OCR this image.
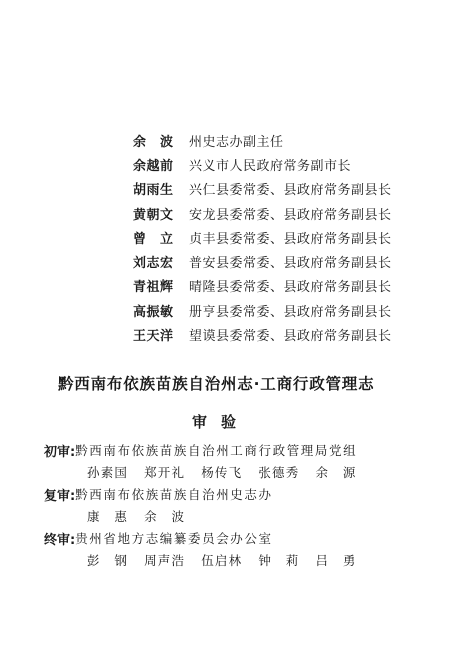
余　波	州史志办副主任
余越前	兴义市人民政府常务副市长
胡雨生	兴仁县委常委、县政府常务副县长
黄朝文	安龙县委常委、县政府常务副县长
曾　立	贞丰县委常委、县政府常务副县长
刘志宏	普安县委常委、县政府常务副县长
青祖辉	晴隆县委常委、县政府常务副县长
高振敏	册亨县委常委、县政府常务副县长
王天洋	望谟县委常委、县政府常务副县长
黔西南布依族苗族自治州志·工商行政管理志
审验
初审: 黔西南布依族苗族自治州工商行政管理局党组
孙素国 郑开礼 杨传飞 张德秀 余　源
复审: 黔西南布依族苗族自治州史志办
康　惠 余　波
终审: 贵州省地方志编纂委员会办公室
彭　钢 周声浩 伍启林 钟　莉 吕　勇
